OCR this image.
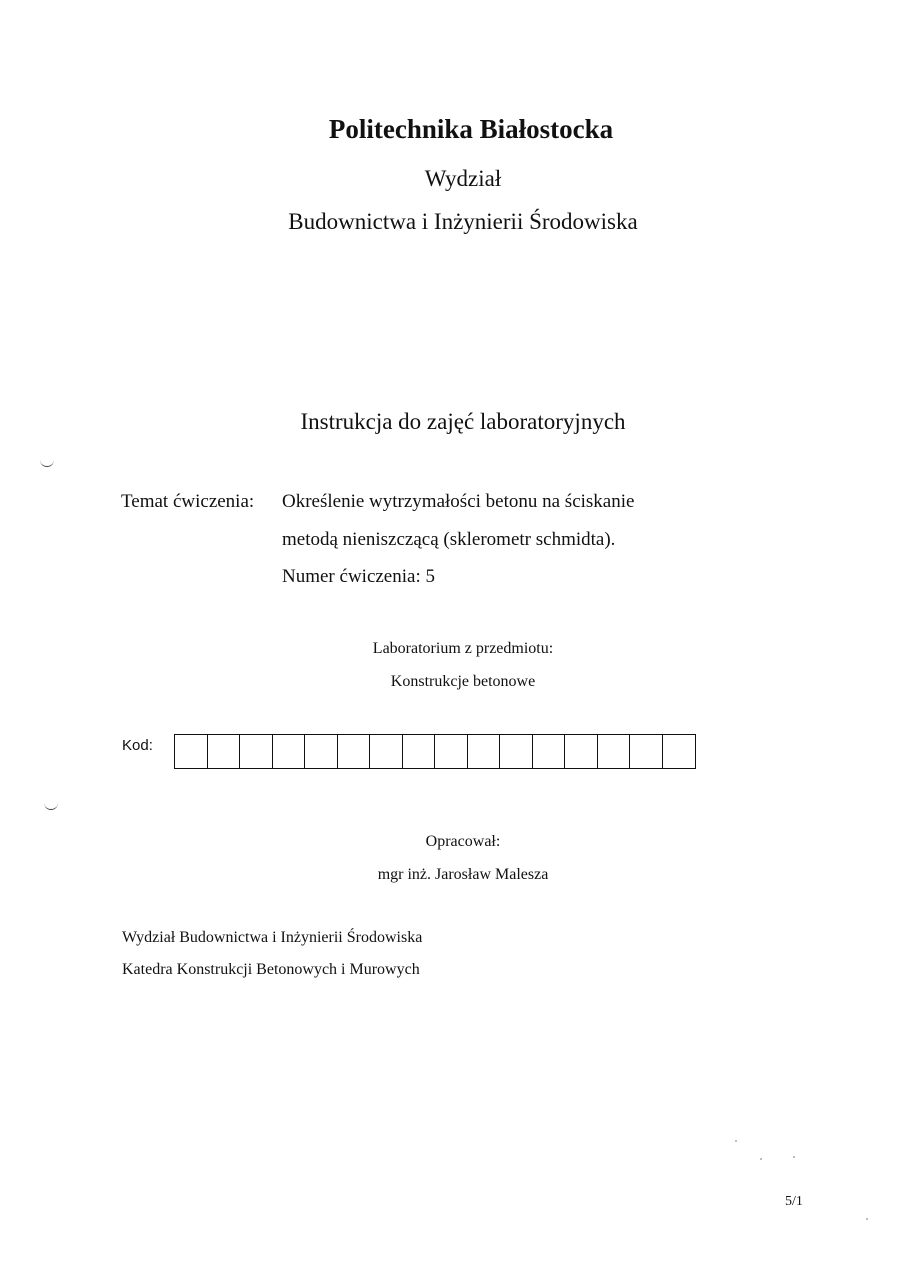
Politechnika Białostocka
Wydział
Budownictwa i Inżynierii Środowiska
Instrukcja do zajęć laboratoryjnych
Temat ćwiczenia: Określenie wytrzymałości betonu na ściskanie
metodą nieniszczącą (sklerometr schmidta).
Numer ćwiczenia: 5
Laboratorium z przedmiotu:
Konstrukcje betonowe
Kod:
Opracował:
mgr inż. Jarosław Malesza
Wydział Budownictwa i Inżynierii Środowiska
Katedra Konstrukcji Betonowych i Murowych
5/1
